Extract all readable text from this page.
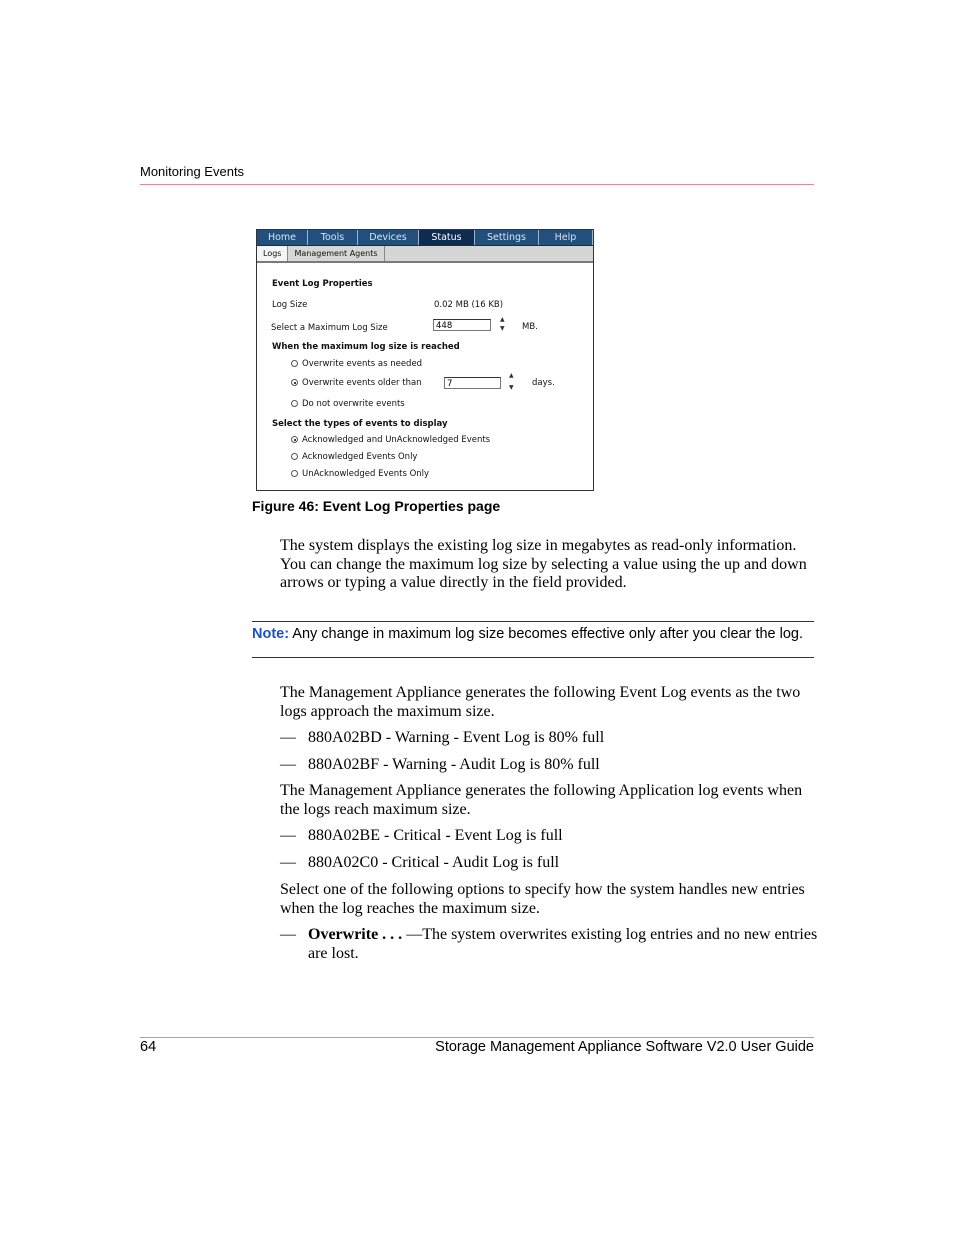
Monitoring Events
Home	Tools	Devices	Status	Settings	Help
Logs	Management Agents
Event Log Properties
Log Size	0.02 MB (16 KB)
Select a Maximum Log Size	448
▲
▼ MB.
When the maximum log size is reached
Overwrite events as needed
Overwrite events older than	7
▲
▼ days.
Do not overwrite events
Select the types of events to display
Acknowledged and UnAcknowledged Events
Acknowledged Events Only
UnAcknowledged Events Only
Figure 46: Event Log Properties page
The system displays the existing log size in megabytes as read-only information. You can change the maximum log size by selecting a value using the up and down arrows or typing a value directly in the field provided.
Note: Any change in maximum log size becomes effective only after you clear the log.
The Management Appliance generates the following Event Log events as the two logs approach the maximum size.
— 880A02BD - Warning - Event Log is 80% full
— 880A02BF - Warning - Audit Log is 80% full
The Management Appliance generates the following Application log events when the logs reach maximum size.
— 880A02BE - Critical - Event Log is full
— 880A02C0 - Critical - Audit Log is full
Select one of the following options to specify how the system handles new entries when the log reaches the maximum size.
— Overwrite . . . —The system overwrites existing log entries and no new entries are lost.
64	Storage Management Appliance Software V2.0 User Guide
